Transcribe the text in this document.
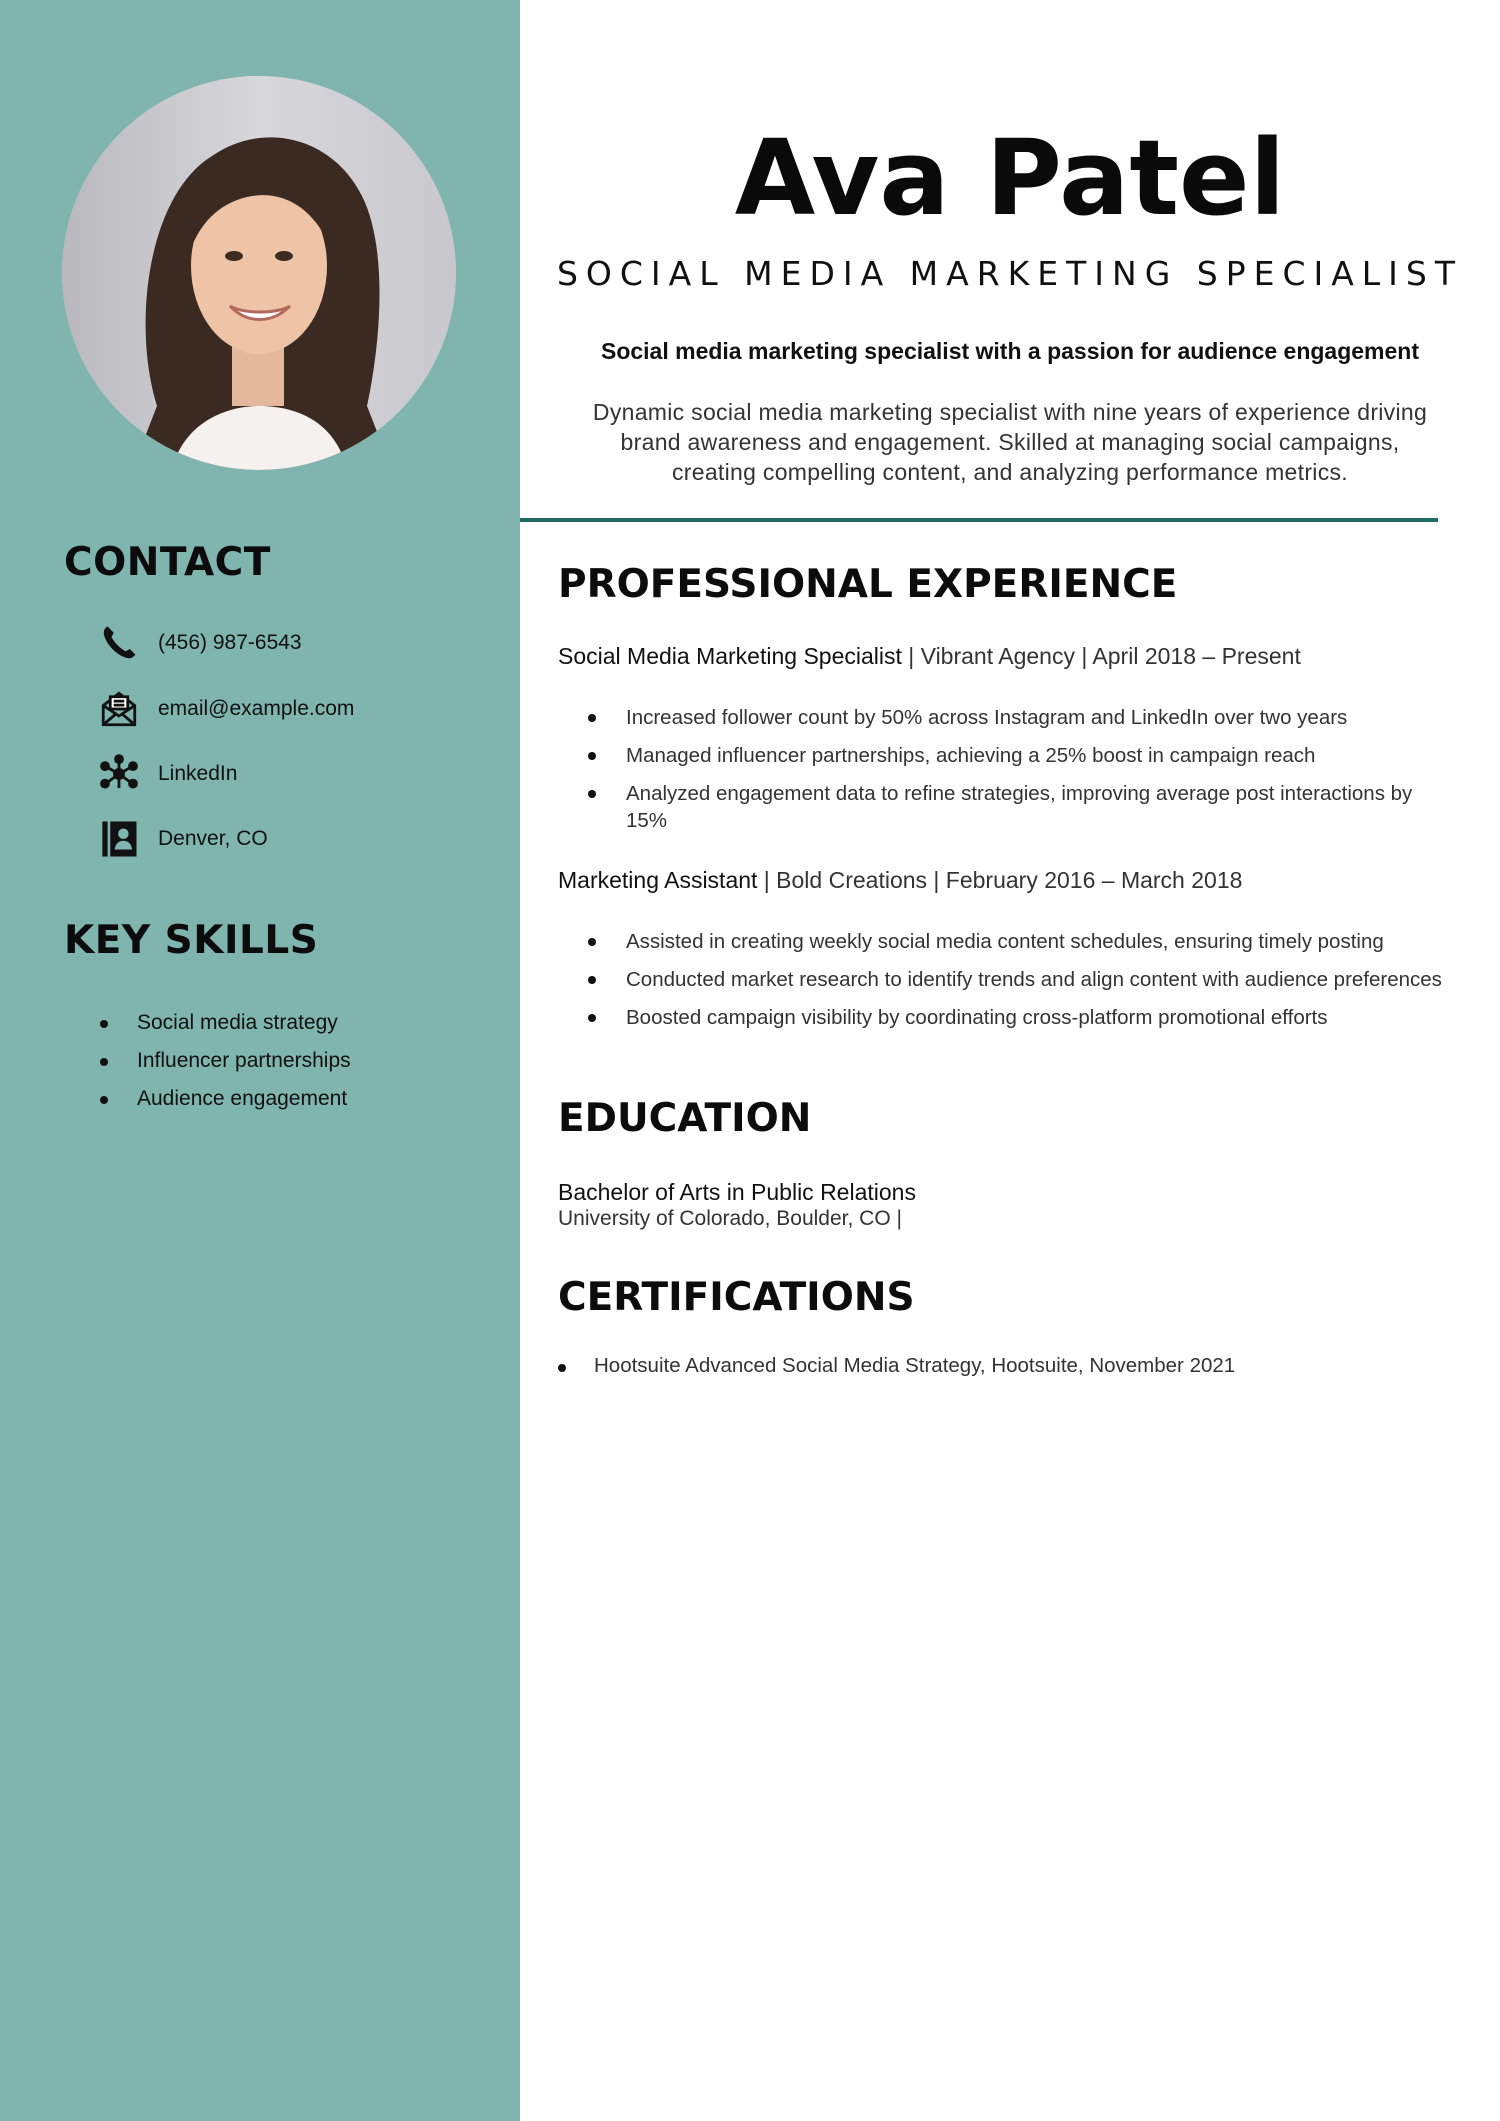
CONTACT
(456) 987-6543
email@example.com
LinkedIn
Denver, CO
KEY SKILLS
Social media strategy
Influencer partnerships
Audience engagement
Ava Patel
SOCIAL MEDIA MARKETING SPECIALIST
Social media marketing specialist with a passion for audience engagement
Dynamic social media marketing specialist with nine years of experience driving brand awareness and engagement. Skilled at managing social campaigns, creating compelling content, and analyzing performance metrics.
PROFESSIONAL EXPERIENCE
Social Media Marketing Specialist | Vibrant Agency | April 2018 – Present
Increased follower count by 50% across Instagram and LinkedIn over two years
Managed influencer partnerships, achieving a 25% boost in campaign reach
Analyzed engagement data to refine strategies, improving average post interactions by 15%
Marketing Assistant | Bold Creations | February 2016 – March 2018
Assisted in creating weekly social media content schedules, ensuring timely posting
Conducted market research to identify trends and align content with audience preferences
Boosted campaign visibility by coordinating cross-platform promotional efforts
EDUCATION
Bachelor of Arts in Public Relations
University of Colorado, Boulder, CO |
CERTIFICATIONS
Hootsuite Advanced Social Media Strategy, Hootsuite, November 2021
